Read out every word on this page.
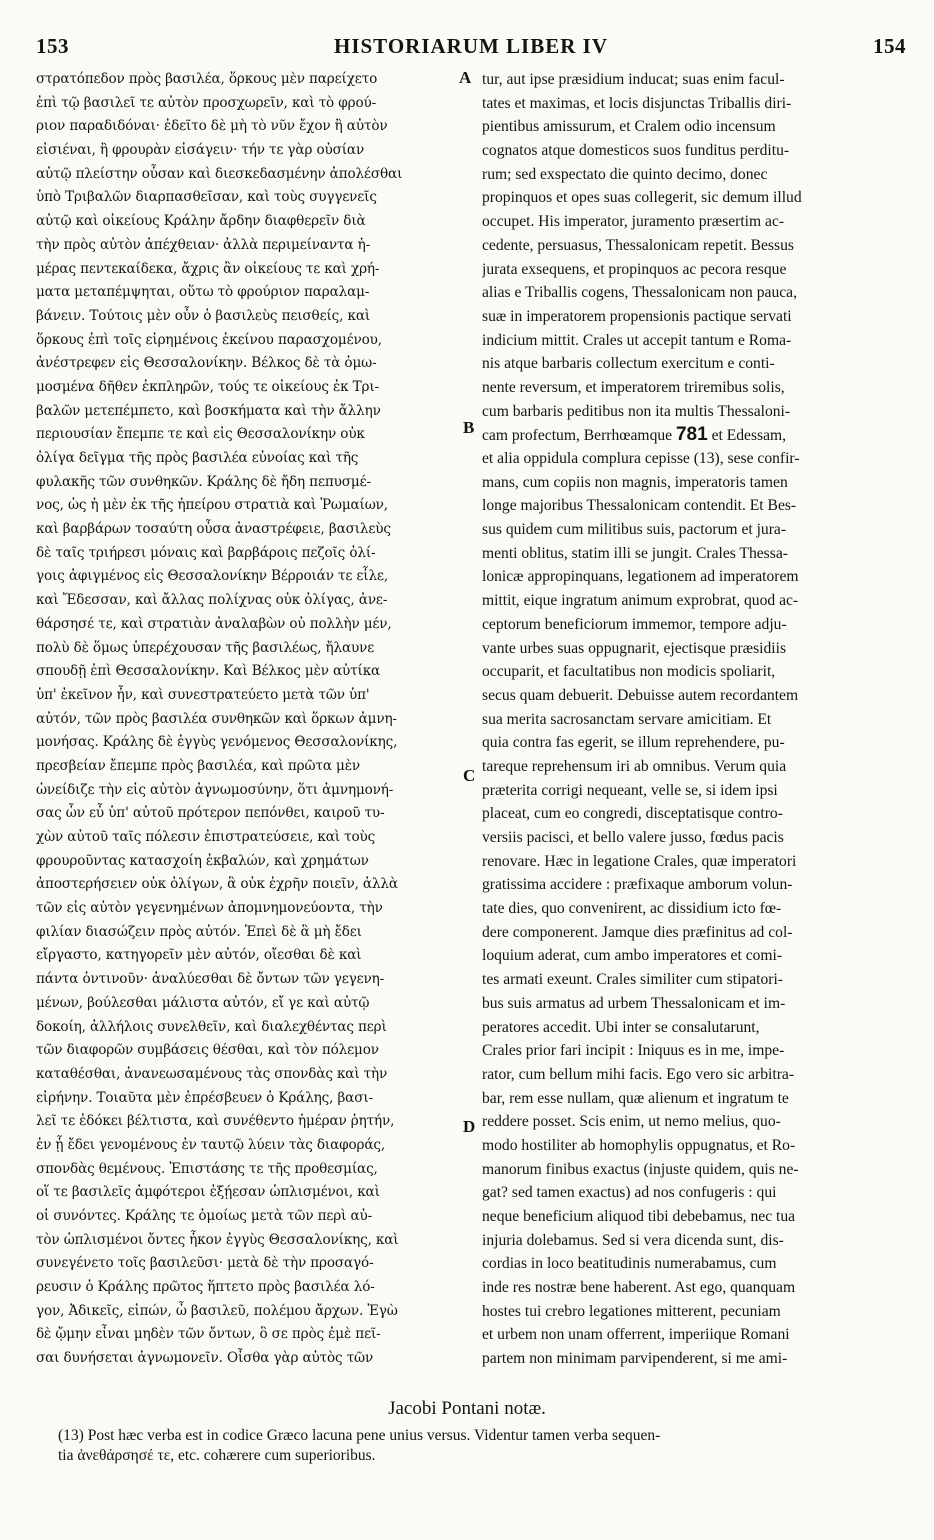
153	HISTORIARUM LIBER IV	154
στρατόπεδον πρὸς βασιλέα, ὅρκους μὲν παρείχετο
ἐπὶ τῷ βασιλεῖ τε αὐτὸν προσχωρεῖν, καὶ τὸ φρού-
ριον παραδιδόναι· ἐδεῖτο δὲ μὴ τὸ νῦν ἔχον ἢ αὐτὸν
εἰσιέναι, ἢ φρουρὰν εἰσάγειν· τήν τε γὰρ οὐσίαν
αὐτῷ πλείστην οὖσαν καὶ διεσκεδασμένην ἀπολέσθαι
ὑπὸ Τριβαλῶν διαρπασθεῖσαν, καὶ τοὺς συγγενεῖς
αὐτῷ καὶ οἰκείους Κράλην ἄρδην διαφθερεῖν διὰ
τὴν πρὸς αὐτὸν ἀπέχθειαν· ἀλλὰ περιμείναντα ἡ-
μέρας πεντεκαίδεκα, ἄχρις ἂν οἰκείους τε καὶ χρή-
ματα μεταπέμψηται, οὕτω τὸ φρούριον παραλαμ-
βάνειν. Τούτοις μὲν οὖν ὁ βασιλεὺς πεισθείς, καὶ
ὅρκους ἐπὶ τοῖς εἰρημένοις ἐκείνου παρασχομένου,
ἀνέστρεφεν εἰς Θεσσαλονίκην. Βέλκος δὲ τὰ ὀμω-
μοσμένα δῆθεν ἐκπληρῶν, τούς τε οἰκείους ἐκ Τρι-
βαλῶν μετεπέμπετο, καὶ βοσκήματα καὶ τὴν ἄλλην
περιουσίαν ἔπεμπε τε καὶ εἰς Θεσσαλονίκην οὐκ
ὀλίγα δεῖγμα τῆς πρὸς βασιλέα εὐνοίας καὶ τῆς
φυλακῆς τῶν συνθηκῶν. Κράλης δὲ ἤδη πεπυσμέ-
νος, ὡς ἡ μὲν ἐκ τῆς ἠπείρου στρατιὰ καὶ Ῥωμαίων,
καὶ βαρβάρων τοσαύτη οὖσα ἀναστρέφειε, βασιλεὺς
δὲ ταῖς τριήρεσι μόναις καὶ βαρβάροις πεζοῖς ὀλί-
γοις ἀφιγμένος εἰς Θεσσαλονίκην Βέρροιάν τε εἷλε,
καὶ Ἔδεσσαν, καὶ ἄλλας πολίχνας οὐκ ὀλίγας, ἀνε-
θάρσησέ τε, καὶ στρατιὰν ἀναλαβὼν οὐ πολλὴν μέν,
πολὺ δὲ ὅμως ὑπερέχουσαν τῆς βασιλέως, ἤλαυνε
σπουδῇ ἐπὶ Θεσσαλονίκην. Καὶ Βέλκος μὲν αὐτίκα
ὑπ' ἐκεῖνον ἦν, καὶ συνεστρατεύετο μετὰ τῶν ὑπ'
αὐτόν, τῶν πρὸς βασιλέα συνθηκῶν καὶ ὅρκων ἀμνη-
μονήσας. Κράλης δὲ ἐγγὺς γενόμενος Θεσσαλονίκης,
πρεσβείαν ἔπεμπε πρὸς βασιλέα, καὶ πρῶτα μὲν
ὠνείδιζε τὴν εἰς αὐτὸν ἀγνωμοσύνην, ὅτι ἀμνημονή-
σας ὧν εὖ ὑπ' αὐτοῦ πρότερον πεπόνθει, καιροῦ τυ-
χὼν αὐτοῦ ταῖς πόλεσιν ἐπιστρατεύσειε, καὶ τοὺς
φρουροῦντας κατασχοίη ἐκβαλών, καὶ χρημάτων
ἀποστερήσειεν οὐκ ὀλίγων, ἃ οὐκ ἐχρῆν ποιεῖν, ἀλλὰ
τῶν εἰς αὐτὸν γεγενημένων ἀπομνημονεύοντα, τὴν
φιλίαν διασώζειν πρὸς αὐτόν. Ἐπεὶ δὲ ἃ μὴ ἔδει
εἴργαστο, κατηγορεῖν μὲν αὐτόν, οἴεσθαι δὲ καὶ
πάντα ὁντινοῦν· ἀναλύεσθαι δὲ ὄντων τῶν γεγενη-
μένων, βούλεσθαι μάλιστα αὐτόν, εἴ γε καὶ αὐτῷ
δοκοίη, ἀλλήλοις συνελθεῖν, καὶ διαλεχθέντας περὶ
τῶν διαφορῶν συμβάσεις θέσθαι, καὶ τὸν πόλεμον
καταθέσθαι, ἀνανεωσαμένους τὰς σπονδὰς καὶ τὴν
εἰρήνην. Τοιαῦτα μὲν ἐπρέσβευεν ὁ Κράλης, βασι-
λεῖ τε ἐδόκει βέλτιστα, καὶ συνέθεντο ἡμέραν ῥητήν,
ἐν ᾗ ἔδει γενομένους ἐν ταυτῷ λύειν τὰς διαφοράς,
σπονδὰς θεμένους. Ἐπιστάσης τε τῆς προθεσμίας,
οἵ τε βασιλεῖς ἀμφότεροι ἐξῄεσαν ὡπλισμένοι, καὶ
οἱ συνόντες. Κράλης τε ὁμοίως μετὰ τῶν περὶ αὐ-
τὸν ὡπλισμένοι ὄντες ἧκον ἐγγὺς Θεσσαλονίκης, καὶ
συνεγένετο τοῖς βασιλεῦσι· μετὰ δὲ τὴν προσαγό-
ρευσιν ὁ Κράλης πρῶτος ἥπτετο πρὸς βασιλέα λό-
γον, Ἀδικεῖς, εἰπών, ὦ βασιλεῦ, πολέμου ἄρχων. Ἐγὼ
δὲ ᾤμην εἶναι μηδὲν τῶν ὄντων, ὃ σε πρὸς ἐμὲ πεῖ-
σαι δυνήσεται ἀγνωμονεῖν. Οἶσθα γὰρ αὐτὸς τῶν
A
B
C
D
tur, aut ipse præsidium inducat; suas enim facul-
tates et maximas, et locis disjunctas Triballis diri-
pientibus amissurum, et Cralem odio incensum
cognatos atque domesticos suos funditus perditu-
rum; sed exspectato die quinto decimo, donec
propinquos et opes suas collegerit, sic demum illud
occupet. His imperator, juramento præsertim ac-
cedente, persuasus, Thessalonicam repetit. Bessus
jurata exsequens, et propinquos ac pecora resque
alias e Triballis cogens, Thessalonicam non pauca,
suæ in imperatorem propensionis pactique servati
indicium mittit. Crales ut accepit tantum e Roma-
nis atque barbaris collectum exercitum e conti-
nente reversum, et imperatorem triremibus solis,
cum barbaris peditibus non ita multis Thessaloni-
cam profectum, Berrhœamque 781 et Edessam,
et alia oppidula complura cepisse (13), sese confir-
mans, cum copiis non magnis, imperatoris tamen
longe majoribus Thessalonicam contendit. Et Bes-
sus quidem cum militibus suis, pactorum et jura-
menti oblitus, statim illi se jungit. Crales Thessa-
lonicæ appropinquans, legationem ad imperatorem
mittit, eique ingratum animum exprobrat, quod ac-
ceptorum beneficiorum immemor, tempore adju-
vante urbes suas oppugnarit, ejectisque præsidiis
occuparit, et facultatibus non modicis spoliarit,
secus quam debuerit. Debuisse autem recordantem
sua merita sacrosanctam servare amicitiam. Et
quia contra fas egerit, se illum reprehendere, pu-
tareque reprehensum iri ab omnibus. Verum quia
præterita corrigi nequeant, velle se, si idem ipsi
placeat, cum eo congredi, disceptatisque contro-
versiis pacisci, et bello valere jusso, fœdus pacis
renovare. Hæc in legatione Crales, quæ imperatori
gratissima accidere : præfixaque amborum volun-
tate dies, quo convenirent, ac dissidium icto fœ-
dere componerent. Jamque dies præfinitus ad col-
loquium aderat, cum ambo imperatores et comi-
tes armati exeunt. Crales similiter cum stipatori-
bus suis armatus ad urbem Thessalonicam et im-
peratores accedit. Ubi inter se consalutarunt,
Crales prior fari incipit : Iniquus es in me, impe-
rator, cum bellum mihi facis. Ego vero sic arbitra-
bar, rem esse nullam, quæ alienum et ingratum te
reddere posset. Scis enim, ut nemo melius, quo-
modo hostiliter ab homophylis oppugnatus, et Ro-
manorum finibus exactus (injuste quidem, quis ne-
gat? sed tamen exactus) ad nos confugeris : qui
neque beneficium aliquod tibi debebamus, nec tua
injuria dolebamus. Sed si vera dicenda sunt, dis-
cordias in loco beatitudinis numerabamus, cum
inde res nostræ bene haberent. Ast ego, quanquam
hostes tui crebro legationes mitterent, pecuniam
et urbem non unam offerrent, imperiique Romani
partem non minimam parvipenderent, si me ami-
Jacobi Pontani notæ.
(13) Post hæc verba est in codice Græco lacuna pene unius versus. Videntur tamen verba sequen-
tia ἀνεθάρσησέ τε, etc. cohærere cum superioribus.
